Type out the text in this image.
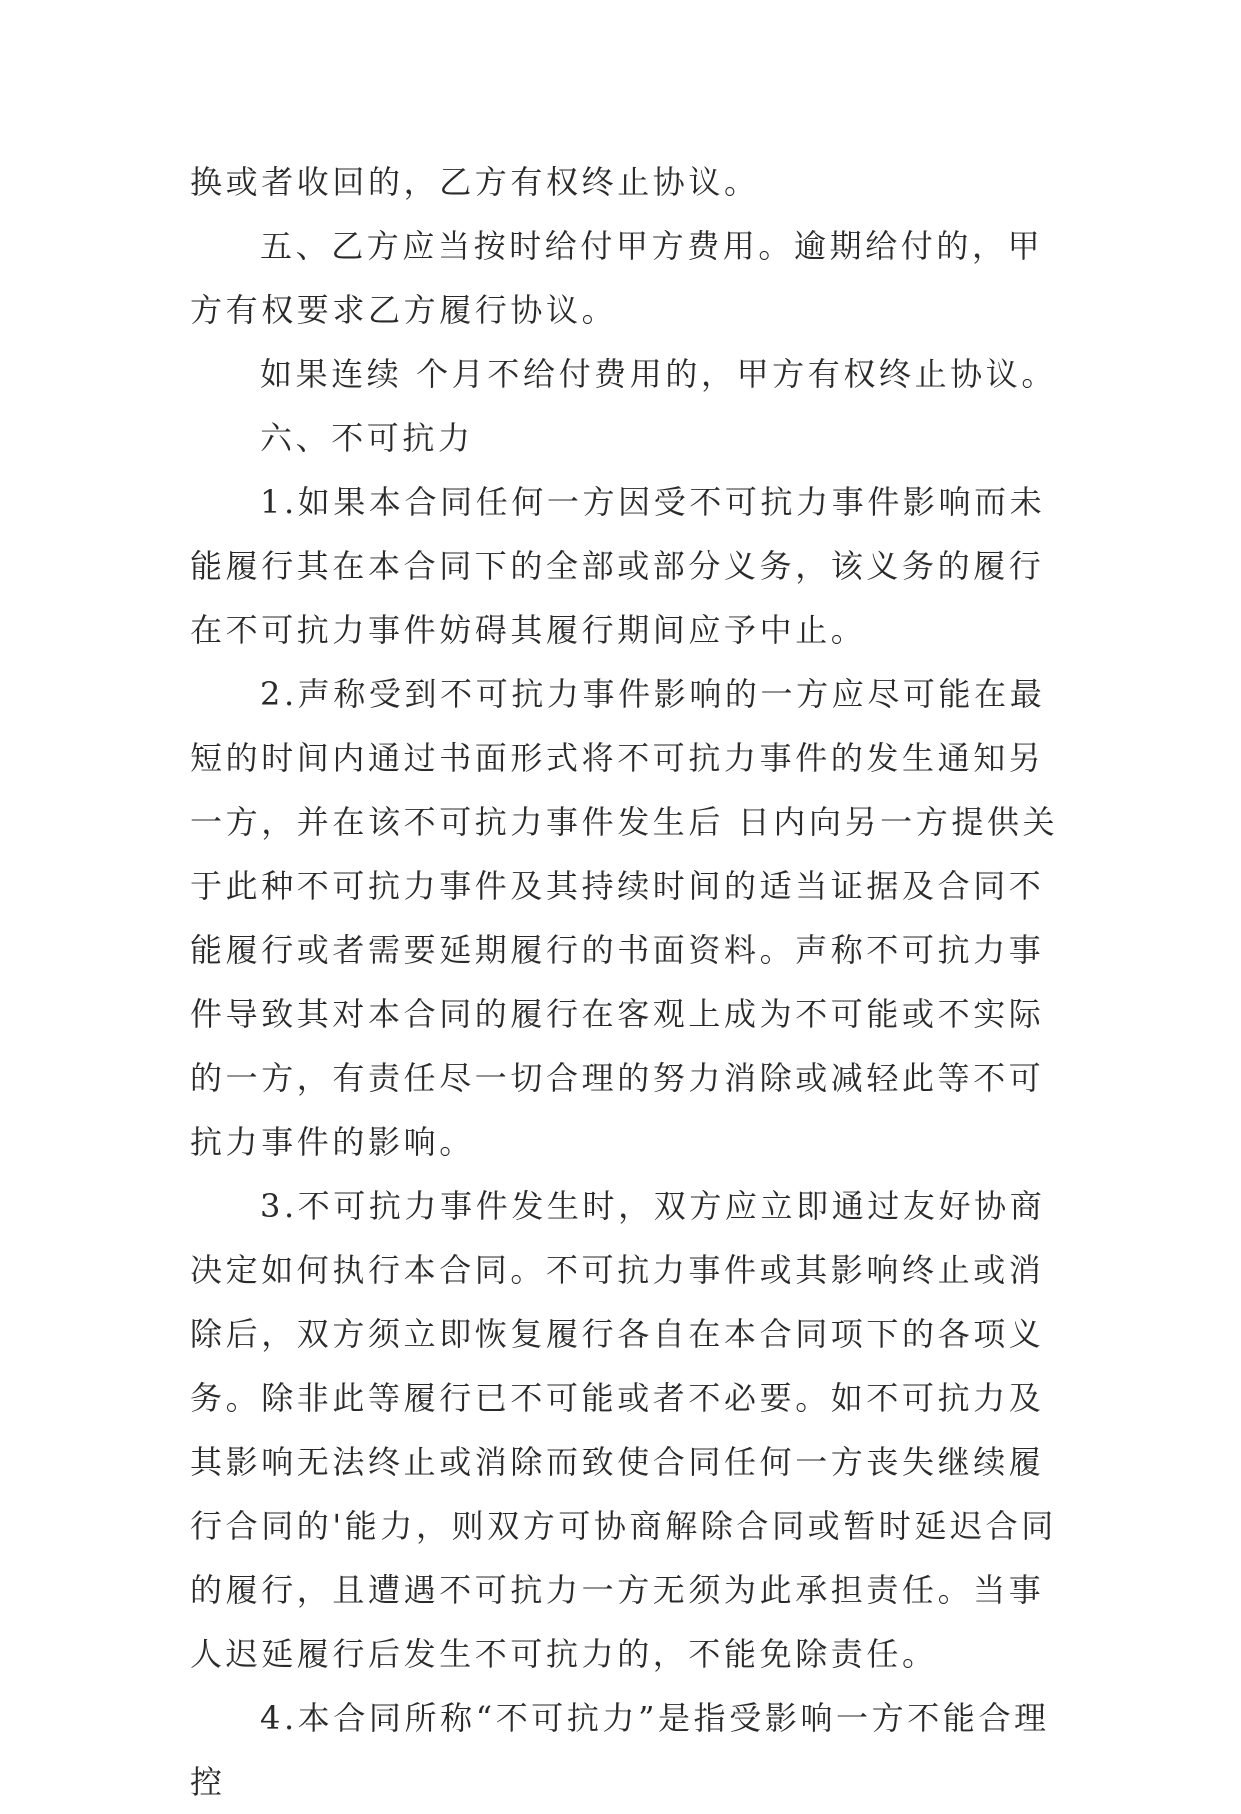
换或者收回的，乙方有权终止协议。

五、乙方应当按时给付甲方费用。逾期给付的，甲方有权要求乙方履行协议。

如果连续 个月不给付费用的，甲方有权终止协议。

六、不可抗力

1.如果本合同任何一方因受不可抗力事件影响而未能履行其在本合同下的全部或部分义务，该义务的履行在不可抗力事件妨碍其履行期间应予中止。

2.声称受到不可抗力事件影响的一方应尽可能在最短的时间内通过书面形式将不可抗力事件的发生通知另一方，并在该不可抗力事件发生后 日内向另一方提供关于此种不可抗力事件及其持续时间的适当证据及合同不能履行或者需要延期履行的书面资料。声称不可抗力事件导致其对本合同的履行在客观上成为不可能或不实际的一方，有责任尽一切合理的努力消除或减轻此等不可抗力事件的影响。

3.不可抗力事件发生时，双方应立即通过友好协商决定如何执行本合同。不可抗力事件或其影响终止或消除后，双方须立即恢复履行各自在本合同项下的各项义务。除非此等履行已不可能或者不必要。如不可抗力及其影响无法终止或消除而致使合同任何一方丧失继续履行合同的'能力，则双方可协商解除合同或暂时延迟合同的履行，且遭遇不可抗力一方无须为此承担责任。当事人迟延履行后发生不可抗力的，不能免除责任。

4.本合同所称“不可抗力”是指受影响一方不能合理控
